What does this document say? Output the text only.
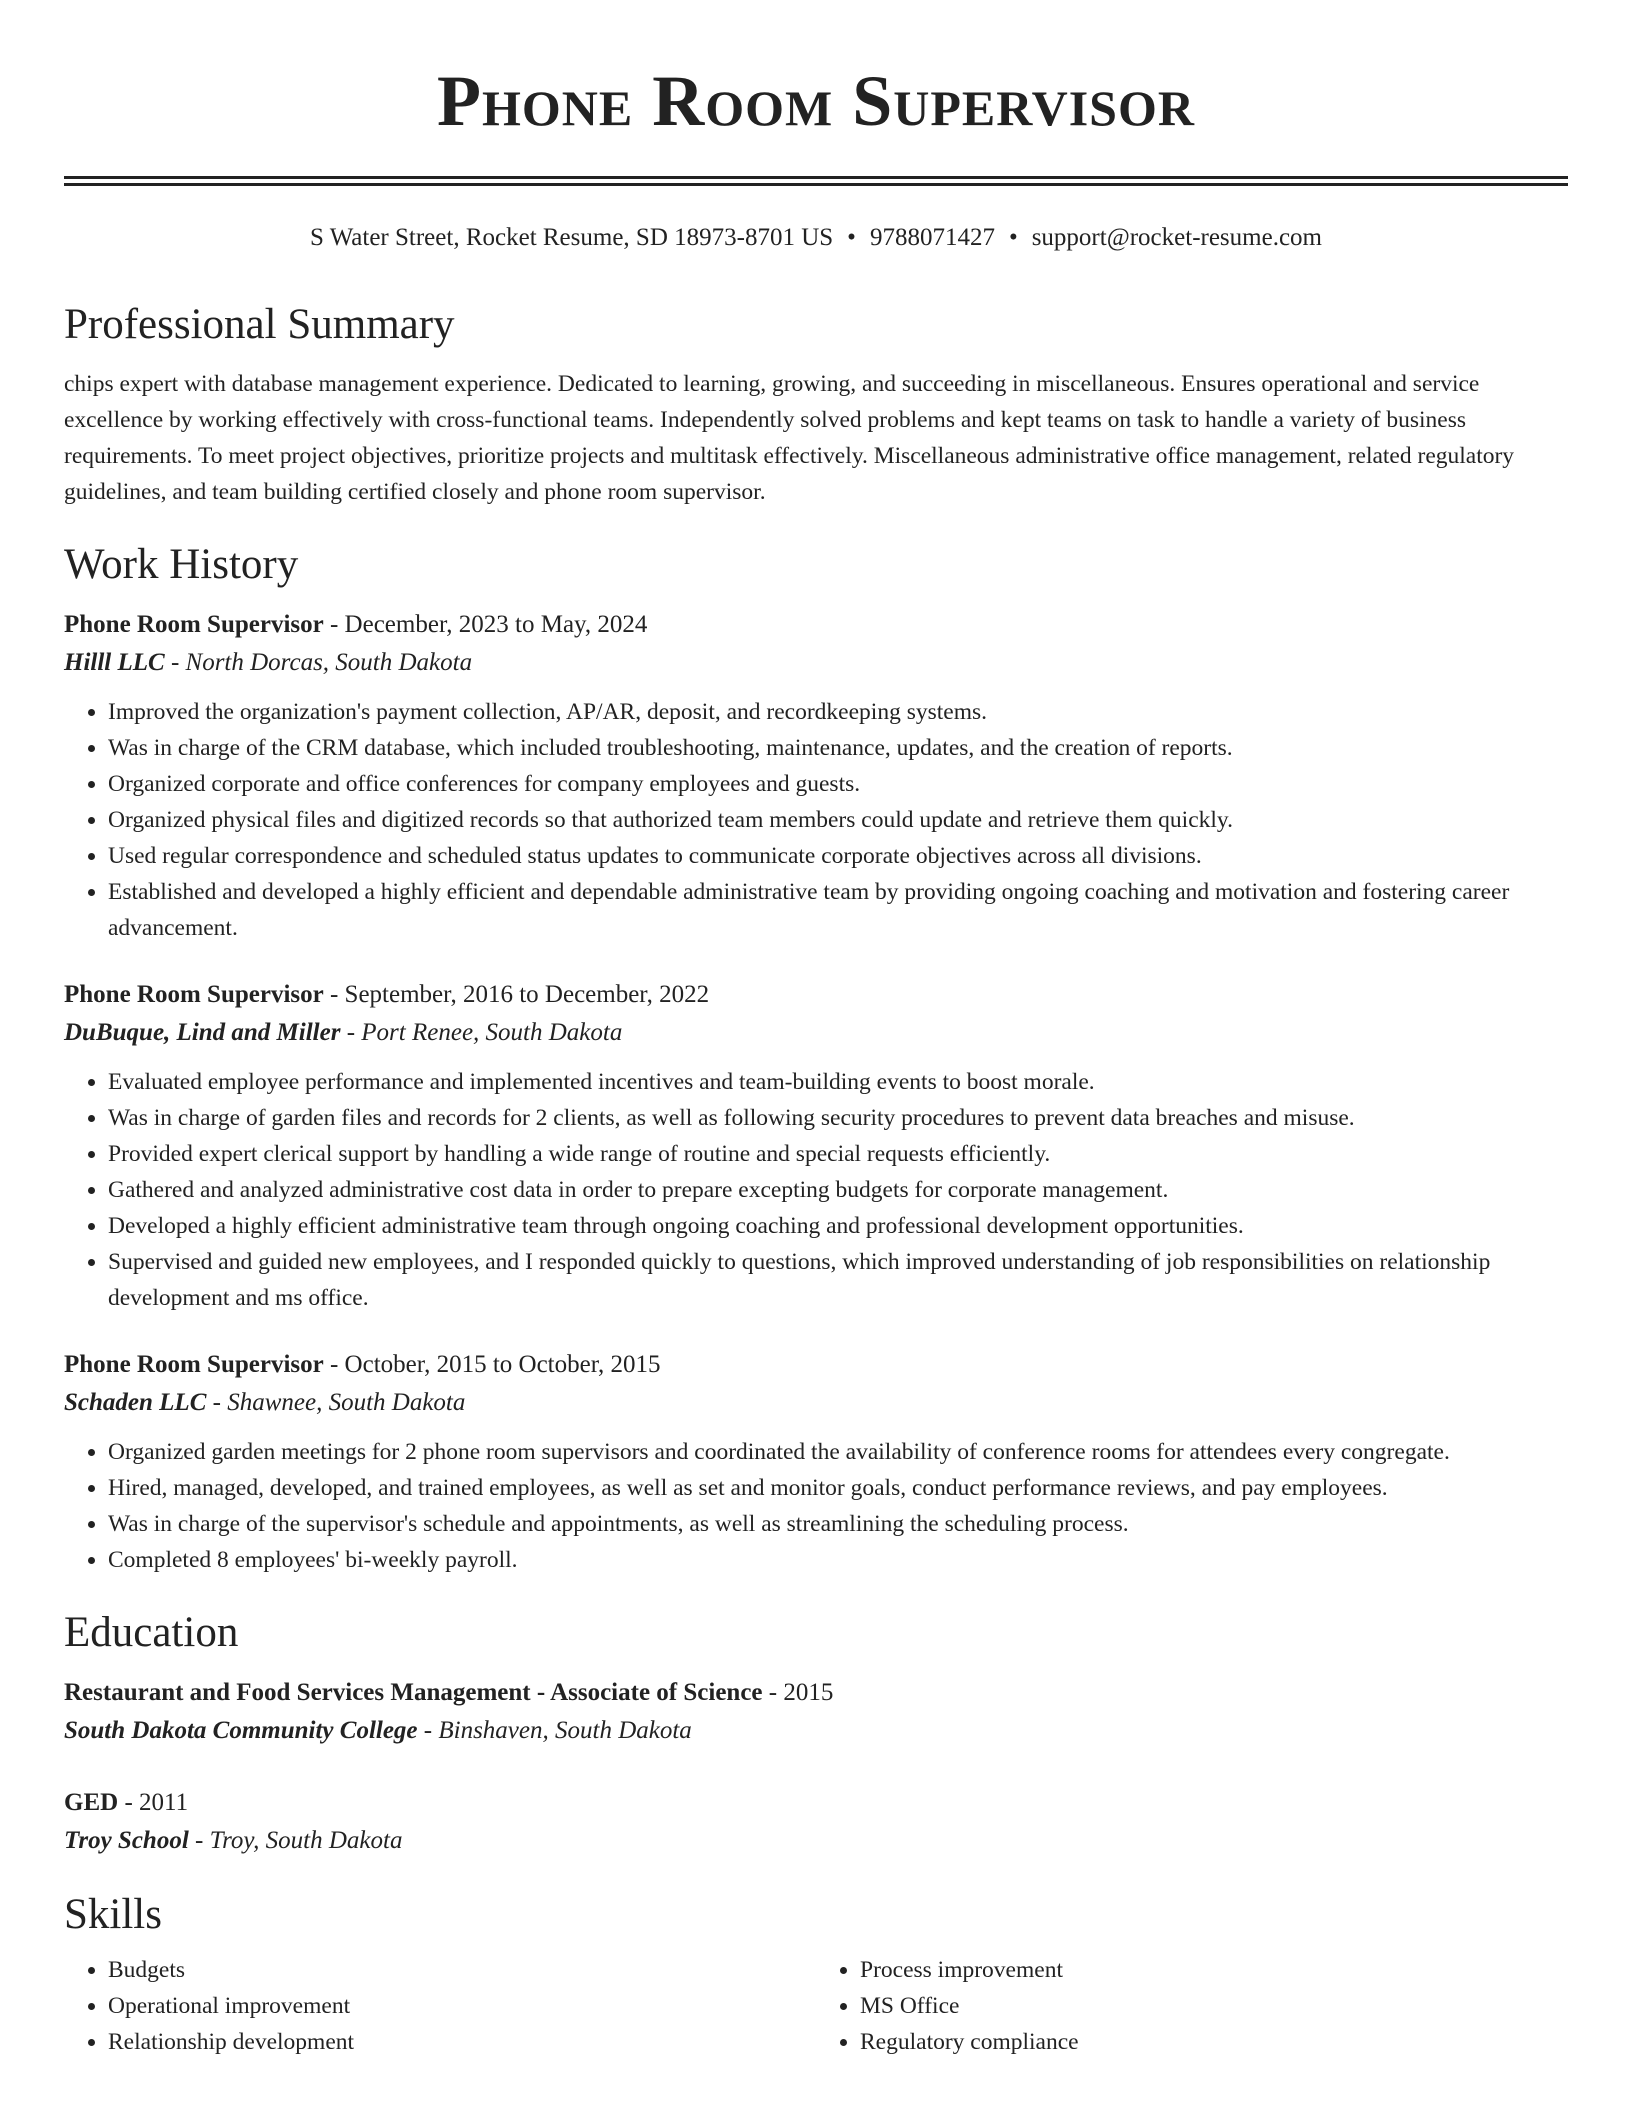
Phone Room Supervisor
S Water Street, Rocket Resume, SD 18973-8701 US • 9788071427 • support@rocket-resume.com
Professional Summary

chips expert with database management experience. Dedicated to learning, growing, and succeeding in miscellaneous. Ensures operational and service excellence by working effectively with cross-functional teams. Independently solved problems and kept teams on task to handle a variety of business requirements. To meet project objectives, prioritize projects and multitask effectively. Miscellaneous administrative office management, related regulatory guidelines, and team building certified closely and phone room supervisor.

Work History
Phone Room Supervisor - December, 2023 to May, 2024
Hilll LLC - North Dorcas, South Dakota
• Improved the organization's payment collection, AP/AR, deposit, and recordkeeping systems.
• Was in charge of the CRM database, which included troubleshooting, maintenance, updates, and the creation of reports.
• Organized corporate and office conferences for company employees and guests.
• Organized physical files and digitized records so that authorized team members could update and retrieve them quickly.
• Used regular correspondence and scheduled status updates to communicate corporate objectives across all divisions.
• Established and developed a highly efficient and dependable administrative team by providing ongoing coaching and motivation and fostering career advancement.
Phone Room Supervisor - September, 2016 to December, 2022
DuBuque, Lind and Miller - Port Renee, South Dakota
• Evaluated employee performance and implemented incentives and team-building events to boost morale.
• Was in charge of garden files and records for 2 clients, as well as following security procedures to prevent data breaches and misuse.
• Provided expert clerical support by handling a wide range of routine and special requests efficiently.
• Gathered and analyzed administrative cost data in order to prepare excepting budgets for corporate management.
• Developed a highly efficient administrative team through ongoing coaching and professional development opportunities.
• Supervised and guided new employees, and I responded quickly to questions, which improved understanding of job responsibilities on relationship development and ms office.
Phone Room Supervisor - October, 2015 to October, 2015
Schaden LLC - Shawnee, South Dakota
• Organized garden meetings for 2 phone room supervisors and coordinated the availability of conference rooms for attendees every congregate.
• Hired, managed, developed, and trained employees, as well as set and monitor goals, conduct performance reviews, and pay employees.
• Was in charge of the supervisor's schedule and appointments, as well as streamlining the scheduling process.
• Completed 8 employees' bi-weekly payroll.
Education
Restaurant and Food Services Management - Associate of Science - 2015
South Dakota Community College - Binshaven, South Dakota
GED - 2011
Troy School - Troy, South Dakota
Skills
• Budgets
• Operational improvement
• Relationship development
• Process improvement
• MS Office
• Regulatory compliance
